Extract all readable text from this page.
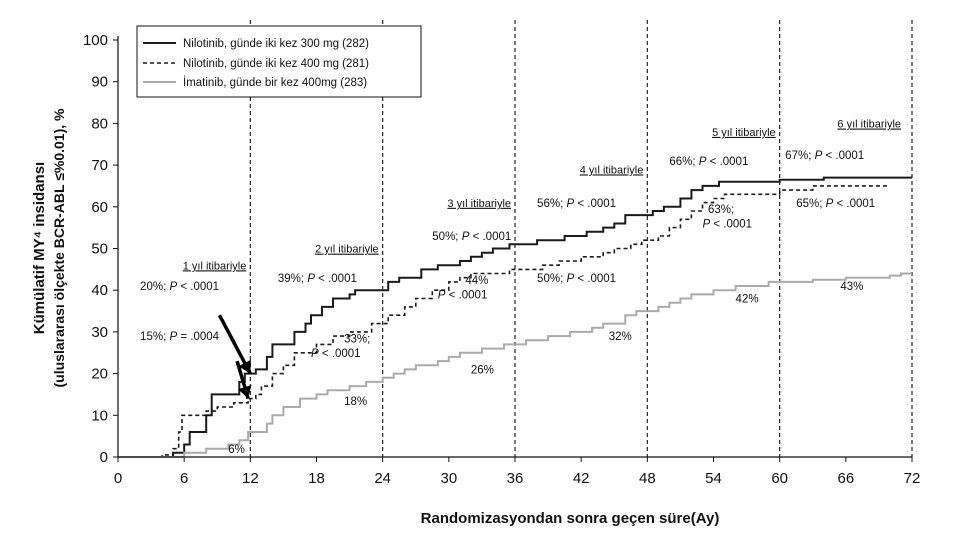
Kümülatif MY⁴ insidansı (uluslararası ölçekte BCR-ABL ≤%0.01), %
Randomizasyondan sonra geçen süre(Ay)
0
10
20
30
40
50
60
70
80
90
100
0	6	12	18	24	30	36	42	48	54	60	66	72
1 yıl itibariyle
2 yıl itibariyle
3 yıl itibariyle
4 yıl itibariyle
5 yıl itibariyle
6 yıl itibariyle
20%; P < .0001
15%; P = .0004
6%
39%; P < .0001
33%;
P < .0001
18%
50%; P < .0001
44%
P < .0001
26%
56%; P < .0001
50%; P < .0001
32%
66%; P < .0001
63%;
P < .0001
42%
67%; P < .0001
65%; P < .0001
43%
Nilotinib, günde iki kez 300 mg (282)
Nilotinib, günde iki kez 400 mg (281)
İmatinib, günde bir kez 400mg (283)
